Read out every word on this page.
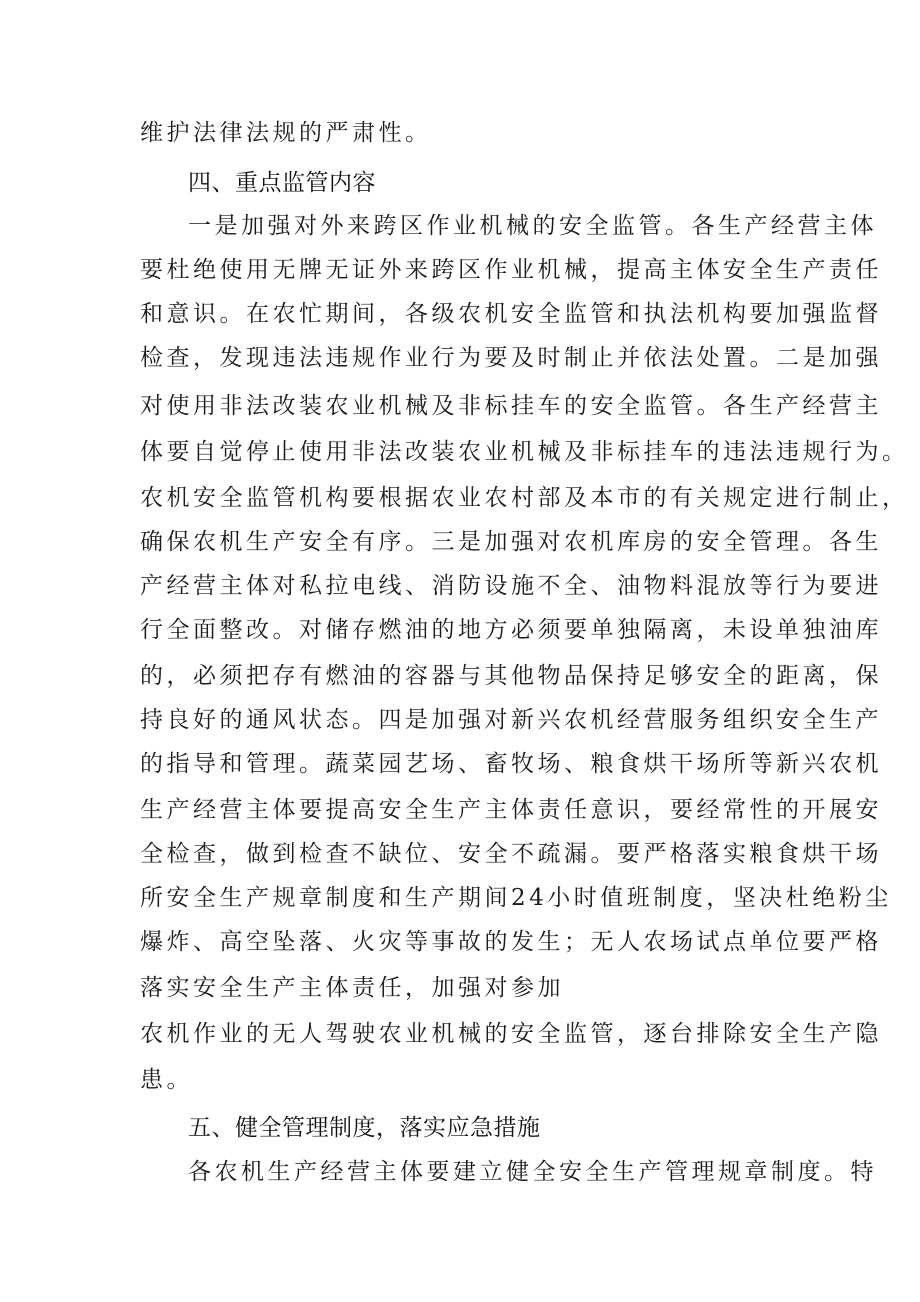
维护法律法规的严肃性。
四、重点监管内容
一是加强对外来跨区作业机械的安全监管。各生产经营主体
要杜绝使用无牌无证外来跨区作业机械，提高主体安全生产责任
和意识。在农忙期间，各级农机安全监管和执法机构要加强监督
检查，发现违法违规作业行为要及时制止并依法处置。二是加强
对使用非法改装农业机械及非标挂车的安全监管。各生产经营主
体要自觉停止使用非法改装农业机械及非标挂车的违法违规行为。
农机安全监管机构要根据农业农村部及本市的有关规定进行制止，
确保农机生产安全有序。三是加强对农机库房的安全管理。各生
产经营主体对私拉电线、消防设施不全、油物料混放等行为要进
行全面整改。对储存燃油的地方必须要单独隔离，未设单独油库
的，必须把存有燃油的容器与其他物品保持足够安全的距离，保
持良好的通风状态。四是加强对新兴农机经营服务组织安全生产
的指导和管理。蔬菜园艺场、畜牧场、粮食烘干场所等新兴农机
生产经营主体要提高安全生产主体责任意识，要经常性的开展安
全检查，做到检查不缺位、安全不疏漏。要严格落实粮食烘干场
所安全生产规章制度和生产期间24小时值班制度，坚决杜绝粉尘
爆炸、高空坠落、火灾等事故的发生；无人农场试点单位要严格
落实安全生产主体责任，加强对参加
农机作业的无人驾驶农业机械的安全监管，逐台排除安全生产隐
患。
五、健全管理制度，落实应急措施
各农机生产经营主体要建立健全安全生产管理规章制度。特
